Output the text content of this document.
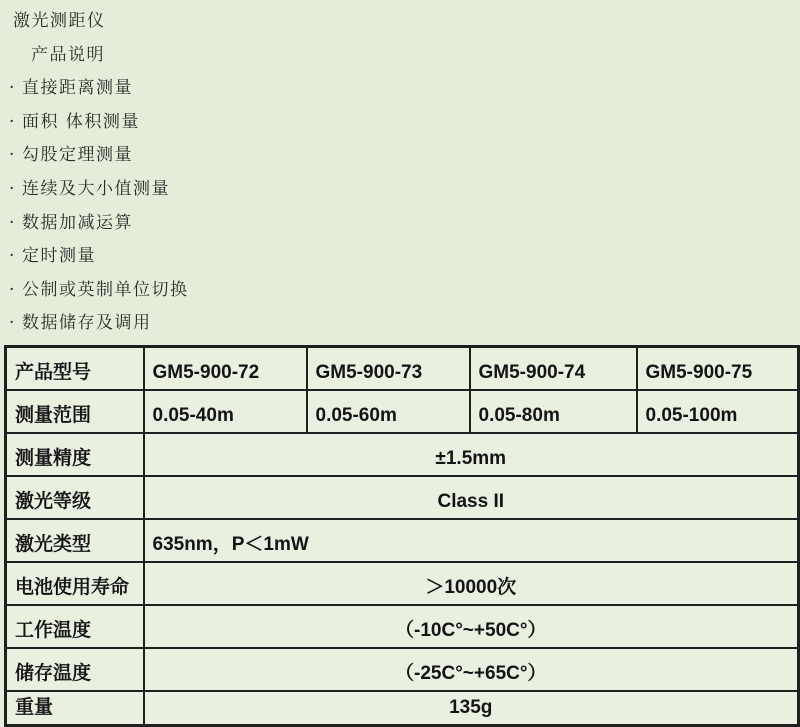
激光测距仪
产品说明
· 直接距离测量
· 面积 体积测量
· 勾股定理测量
· 连续及大小值测量
· 数据加减运算
· 定时测量
· 公制或英制单位切换
· 数据储存及调用
产品型号	GM5-900-72	GM5-900-73	GM5-900-74	GM5-900-75
测量范围	0.05-40m	0.05-60m	0.05-80m	0.05-100m
测量精度	±1.5mm			
激光等级	Class II			
激光类型	635nm，P＜1mW			
电池使用寿命	＞10000次			
工作温度	（-10C°~+50C°）			
储存温度	（-25C°~+65C°）			
重量	135g			
